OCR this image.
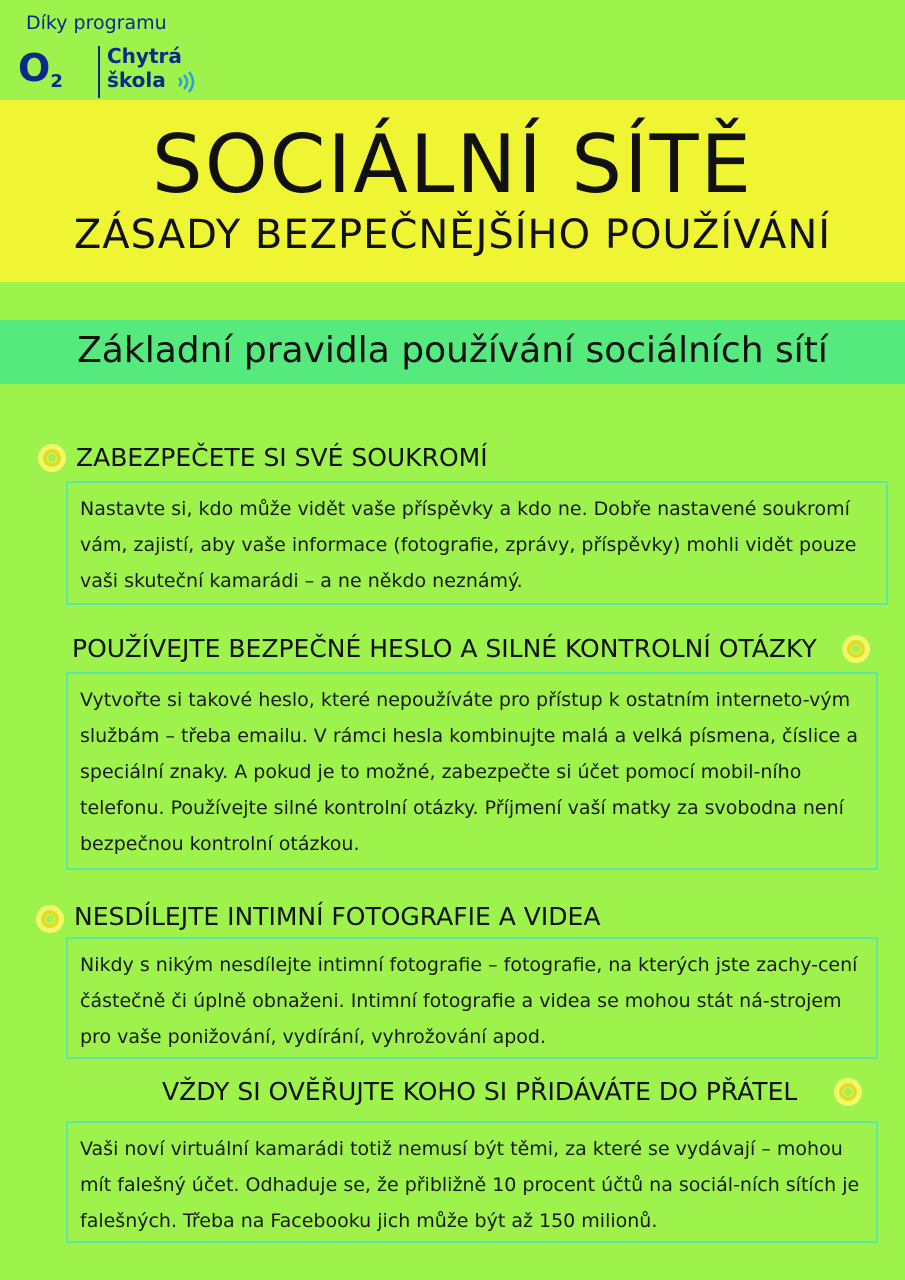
Díky programu
$O_2$
Chytrá
škola
SOCIÁLNÍ SÍTĚ
ZÁSADY BEZPEČNĚJŠÍHO POUŽÍVÁNÍ
Základní pravidla používání sociálních sítí
ZABEZPEČETE SI SVÉ SOUKROMÍ
Nastavte si, kdo může vidět vaše příspěvky a kdo ne. Dobře nastavené soukromí vám, zajistí, aby vaše informace (fotografie, zprávy, příspěvky) mohli vidět pouze vaši skuteční kamarádi – a ne někdo neznámý.
POUŽÍVEJTE BEZPEČNÉ HESLO A SILNÉ KONTROLNÍ OTÁZKY
Vytvořte si takové heslo, které nepoužíváte pro přístup k ostatním interneto-vým službám – třeba emailu. V rámci hesla kombinujte malá a velká písmena, číslice a speciální znaky. A pokud je to možné, zabezpečte si účet pomocí mobil-ního telefonu. Používejte silné kontrolní otázky. Příjmení vaší matky za svobodna není bezpečnou kontrolní otázkou.
NESDÍLEJTE INTIMNÍ FOTOGRAFIE A VIDEA
Nikdy s nikým nesdílejte intimní fotografie – fotografie, na kterých jste zachy-cení částečně či úplně obnaženi. Intimní fotografie a videa se mohou stát ná-strojem pro vaše ponižování, vydírání, vyhrožování apod.
VŽDY SI OVĚŘUJTE KOHO SI PŘIDÁVÁTE DO PŘÁTEL
Vaši noví virtuální kamarádi totiž nemusí být těmi, za které se vydávají – mohou mít falešný účet. Odhaduje se, že přibližně 10 procent účtů na sociál-ních sítích je falešných. Třeba na Facebooku jich může být až 150 milionů.
